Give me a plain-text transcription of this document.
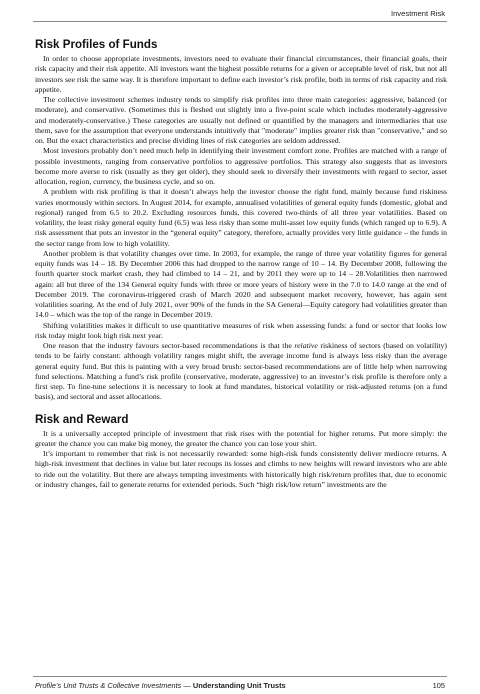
Investment Risk
Risk Profiles of Funds

In order to choose appropriate investments, investors need to evaluate their financial circumstances, their financial goals, their risk capacity and their risk appetite. All investors want the highest possible returns for a given or acceptable level of risk, but not all investors see risk the same way. It is therefore important to define each investor’s risk profile, both in terms of risk capacity and risk appetite.

The collective investment schemes industry tends to simplify risk profiles into three main categories: aggressive, balanced (or moderate), and conservative. (Sometimes this is fleshed out slightly into a five-point scale which includes moderately-aggressive and moderately-conservative.) These categories are usually not defined or quantified by the managers and intermediaries that use them, save for the assumption that everyone understands intuitively that "moderate" implies greater risk than "conservative," and so on. But the exact characteristics and precise dividing lines of risk categories are seldom addressed.

Most investors probably don’t need much help in identifying their investment comfort zone. Profiles are matched with a range of possible investments, ranging from conservative portfolios to aggressive portfolios. This strategy also suggests that as investors become more averse to risk (usually as they get older), they should seek to diversify their investments with regard to sector, asset allocation, region, currency, the business cycle, and so on.

A problem with risk profiling is that it doesn’t always help the investor choose the right fund, mainly because fund riskiness varies enormously within sectors. In August 2014, for example, annualised volatilities of general equity funds (domestic, global and regional) ranged from 6.5 to 20.2. Excluding resources funds, this covered two-thirds of all three year volatilities. Based on volatility, the least risky general equity fund (6.5) was less risky than some multi-asset low equity funds (which ranged up to 6.9). A risk assessment that puts an investor in the “general equity” category, therefore, actually provides very little guidance – the funds in the sector range from low to high volatility.

Another problem is that volatility changes over time. In 2003, for example, the range of three year volatility figures for general equity funds was 14 – 18. By December 2006 this had dropped to the narrow range of 10 – 14. By December 2008, following the fourth quarter stock market crash, they had climbed to 14 – 21, and by 2011 they were up to 14 – 28.Volatilities then narrowed again: all but three of the 134 General equity funds with three or more years of history were in the 7.0 to 14.0 range at the end of December 2019. The coronavirus-triggered crash of March 2020 and subsequent market recovery, however, has again sent volatilities soaring. At the end of July 2021, over 90% of the funds in the SA General—Equity category had volatilities greater than 14.0 – which was the top of the range in December 2019.

Shifting volatilities makes it difficult to use quantitative measures of risk when assessing funds: a fund or sector that looks low risk today might look high risk next year.

One reason that the industry favours sector-based recommendations is that the relative riskiness of sectors (based on volatility) tends to be fairly constant: although volatility ranges might shift, the average income fund is always less risky than the average general equity fund. But this is painting with a very broad brush: sector-based recommendations are of little help when narrowing fund selections. Matching a fund’s risk profile (conservative, moderate, aggressive) to an investor’s risk profile is therefore only a first step. To fine-tune selections it is necessary to look at fund mandates, historical volatility or risk-adjusted returns (on a fund basis), and sectoral and asset allocations.

Risk and Reward

It is a universally accepted principle of investment that risk rises with the potential for higher returns. Put more simply: the greater the chance you can make big money, the greater the chance you can lose your shirt.

It’s important to remember that risk is not necessarily rewarded: some high-risk funds consistently deliver mediocre returns. A high-risk investment that declines in value but later recoups its losses and climbs to new heights will reward investors who are able to ride out the volatility. But there are always tempting investments with historically high risk/return profiles that, due to economic or industry changes, fail to generate returns for extended periods. Such “high risk/low return” investments are the

Profile’s Unit Trusts & Collective Investments — Understanding Unit Trusts	105
